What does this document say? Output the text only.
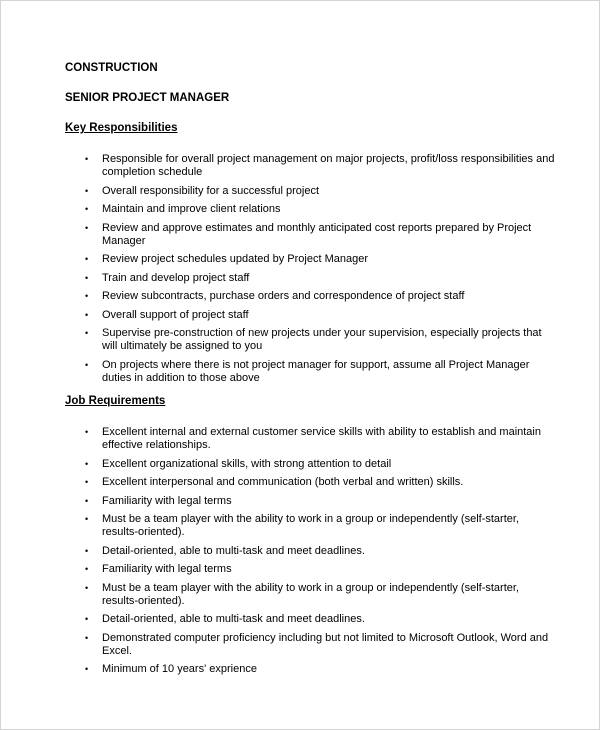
CONSTRUCTION
SENIOR PROJECT MANAGER
Key Responsibilities
• Responsible for overall project management on major projects, profit/loss responsibilities and completion schedule
• Overall responsibility for a successful project
• Maintain and improve client relations
• Review and approve estimates and monthly anticipated cost reports prepared by Project Manager
• Review project schedules updated by Project Manager
• Train and develop project staff
• Review subcontracts, purchase orders and correspondence of project staff
• Overall support of project staff
• Supervise pre-construction of new projects under your supervision, especially projects that will ultimately be assigned to you
• On projects where there is not project manager for support, assume all Project Manager duties in addition to those above
Job Requirements
• Excellent internal and external customer service skills with ability to establish and maintain effective relationships.
• Excellent organizational skills, with strong attention to detail
• Excellent interpersonal and communication (both verbal and written) skills.
• Familiarity with legal terms
• Must be a team player with the ability to work in a group or independently (self-starter, results-oriented).
• Detail-oriented, able to multi-task and meet deadlines.
• Familiarity with legal terms
• Must be a team player with the ability to work in a group or independently (self-starter, results-oriented).
• Detail-oriented, able to multi-task and meet deadlines.
• Demonstrated computer proficiency including but not limited to Microsoft Outlook, Word and Excel.
• Minimum of 10 years' exprience
